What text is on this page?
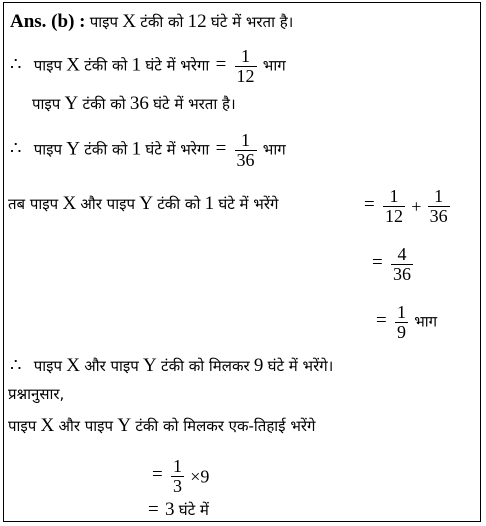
Ans. (b) : पाइप X टंकी को 12 घंटे में भरता है।
∴ पाइप X टंकी को 1 घंटे में भरेगा = $\frac{1}{12}$ भाग
पाइप Y टंकी को 36 घंटे में भरता है।
∴ पाइप Y टंकी को 1 घंटे में भरेगा = $\frac{1}{36}$ भाग
तब पाइप X और पाइप Y टंकी को 1 घंटे में भरेंगे	= $\frac{1}{12} + \frac{1}{36}$
= $\frac{4}{36}$
= $\frac{1}{9}$ भाग
∴ पाइप X और पाइप Y टंकी को मिलकर 9 घंटे में भरेंगे।
प्रश्नानुसार,
पाइप X और पाइप Y टंकी को मिलकर एक-तिहाई भरेंगे
= $\frac{1}{3} \times 9$
= 3 घंटे में
